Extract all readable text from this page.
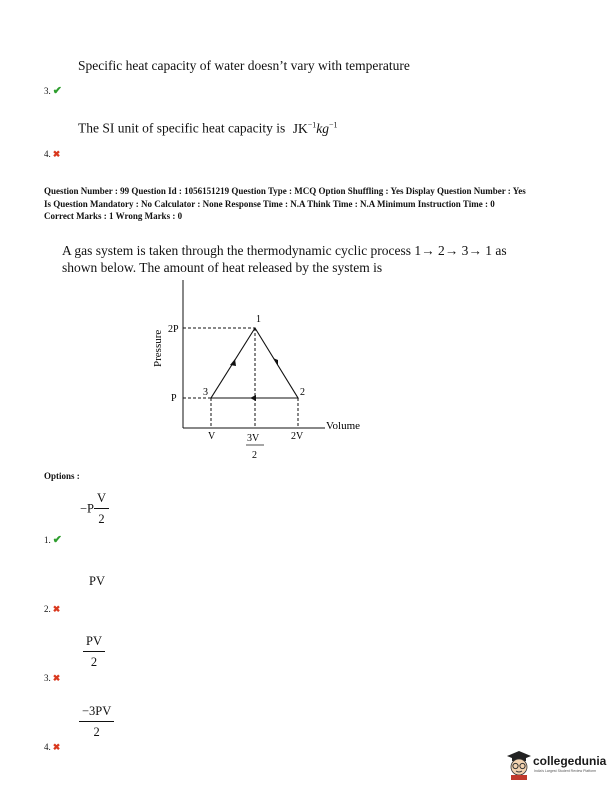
Specific heat capacity of water doesn’t vary with temperature
3. ✔
The SI unit of specific heat capacity is $JK^{-1}kg^{-1}$
4. ✖
Question Number : 99 Question Id : 1056151219 Question Type : MCQ Option Shuffling : Yes Display Question Number : Yes
Is Question Mandatory : No Calculator : None Response Time : N.A Think Time : N.A Minimum Instruction Time : 0
Correct Marks : 1 Wrong Marks : 0
A gas system is taken through the thermodynamic cyclic process 1→ 2→ 3→ 1 as
shown below. The amount of heat released by the system is
Pressure
Volume
2P
P
1
2
3
V	3V
2
2V
Options :
$-P \frac{V}{2}$
1. ✔
PV
2. ✖
$\frac{PV}{2}$
3. ✖
$\frac{-3PV}{2}$
4. ✖
collegedunia
India's Largest Student Review Platform
